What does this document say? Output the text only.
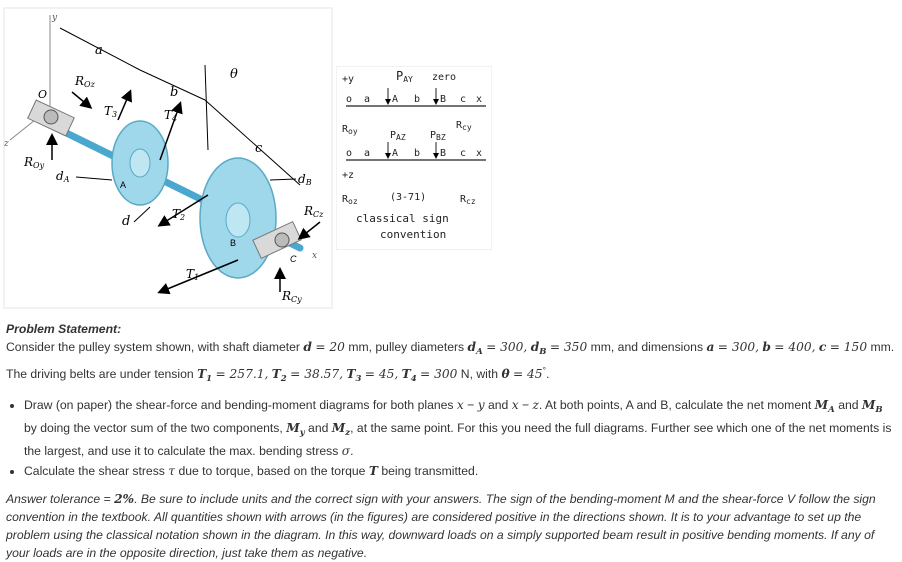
y
z
O
a
b
c
θ
A
B
C x
ROz
ROy
T3	T4
dA
d	T2
T1
dB
RCz
RCy
+y	PAY zero
o a A b B c x
$R_{oy}$	$P_{AZ}$ $P_{BZ}$
$R_{cy}$
o a A b B c x
+z
$R_{oz}$	(3-71)	$R_{cz}$
classical sign
convention

Problem Statement:

Consider the pulley system shown, with shaft diameter d = 20 mm, pulley diameters $d_A = 300$, $d_B = 350$ mm, and dimensions a = 300, b = 400, c = 150 mm. The driving belts are under tension $T_1 = 257.1$, $T_2 = 38.57$, $T_3 = 45$, $T_4 = 300$ N, with θ = 45°.

• Draw (on paper) the shear-force and bending-moment diagrams for both planes x − y and x − z. At both points, A and B, calculate the net moment $M_A$ and $M_B$ by doing the vector sum of the two components, $M_y$ and $M_z$, at the same point. For this you need the full diagrams. Further see which one of the net moments is the largest, and use it to calculate the max. bending stress σ.
• Calculate the shear stress τ due to torque, based on the torque T being transmitted.

Answer tolerance = 2%. Be sure to include units and the correct sign with your answers. The sign of the bending-moment M and the shear-force V follow the sign convention in the textbook. All quantities shown with arrows (in the figures) are considered positive in the directions shown. It is to your advantage to set up the problem using the classical notation shown in the diagram. In this way, downward loads on a simply supported beam result in positive bending moments. If any of your loads are in the opposite direction, just take them as negative.
